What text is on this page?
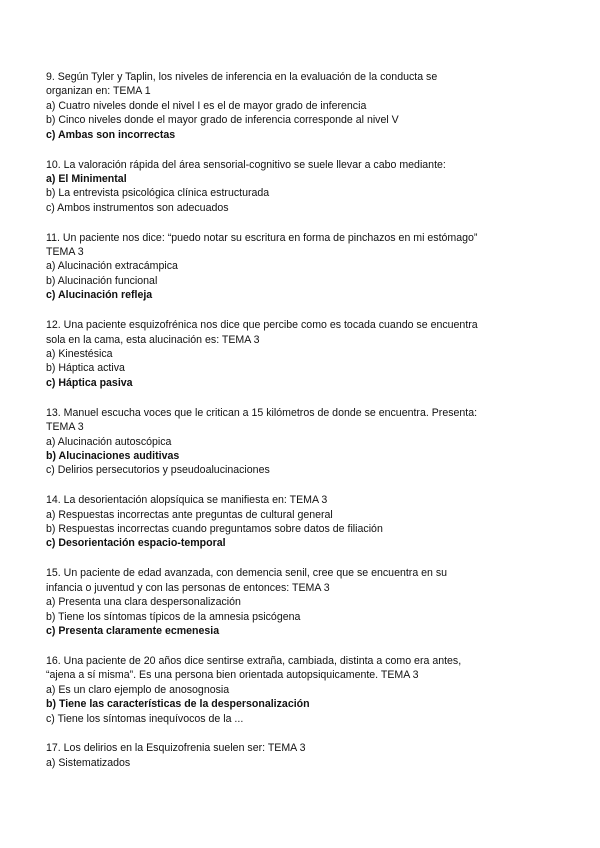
9. Según Tyler y Taplin, los niveles de inferencia en la evaluación de la conducta se
organizan en: TEMA 1
a) Cuatro niveles donde el nivel I es el de mayor grado de inferencia
b) Cinco niveles donde el mayor grado de inferencia corresponde al nivel V
c) Ambas son incorrectas
10. La valoración rápida del área sensorial-cognitivo se suele llevar a cabo mediante:
a) El Minimental
b) La entrevista psicológica clínica estructurada
c) Ambos instrumentos son adecuados
11. Un paciente nos dice: “puedo notar su escritura en forma de pinchazos en mi estómago”
TEMA 3
a) Alucinación extracámpica
b) Alucinación funcional
c) Alucinación refleja
12. Una paciente esquizofrénica nos dice que percibe como es tocada cuando se encuentra
sola en la cama, esta alucinación es: TEMA 3
a) Kinestésica
b) Háptica activa
c) Háptica pasiva
13. Manuel escucha voces que le critican a 15 kilómetros de donde se encuentra. Presenta:
TEMA 3
a) Alucinación autoscópica
b) Alucinaciones auditivas
c) Delirios persecutorios y pseudoalucinaciones
14. La desorientación alopsíquica se manifiesta en: TEMA 3
a) Respuestas incorrectas ante preguntas de cultural general
b) Respuestas incorrectas cuando preguntamos sobre datos de filiación
c) Desorientación espacio-temporal
15. Un paciente de edad avanzada, con demencia senil, cree que se encuentra en su
infancia o juventud y con las personas de entonces: TEMA 3
a) Presenta una clara despersonalización
b) Tiene los síntomas típicos de la amnesia psicógena
c) Presenta claramente ecmenesia
16. Una paciente de 20 años dice sentirse extraña, cambiada, distinta a como era antes,
“ajena a sí misma”. Es una persona bien orientada autopsiquicamente. TEMA 3
a) Es un claro ejemplo de anosognosia
b) Tiene las características de la despersonalización
c) Tiene los síntomas inequívocos de la ...
17. Los delirios en la Esquizofrenia suelen ser: TEMA 3
a) Sistematizados
